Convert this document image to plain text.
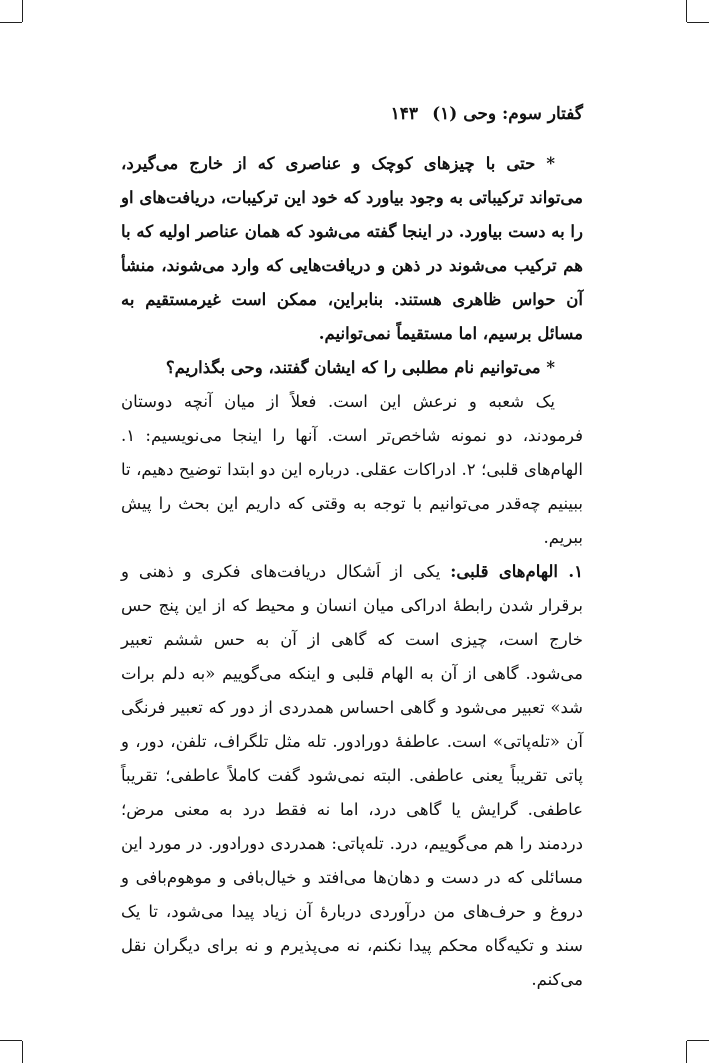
گفتار سوم: وحی (۱)۱۴۳

* حتی با چیزهای کوچک و عناصری که از خارج می‌گیرد، می‌تواند ترکیباتی به وجود بیاورد که خود این ترکیبات، دریافت‌های او را به دست بیاورد. در اینجا گفته می‌شود که همان عناصر اولیه که با هم ترکیب می‌شوند در ذهن و دریافت‌هایی که وارد می‌شوند، منشأ آن حواس ظاهری هستند. بنابراین، ممکن است غیرمستقیم به مسائل برسیم، اما مستقیماً نمی‌توانیم.

* می‌توانیم نام مطلبی را که ایشان گفتند، وحی بگذاریم؟

یک شعبه و نرعش این است. فعلاً از میان آنچه دوستان فرمودند، دو نمونه شاخص‌تر است. آنها را اینجا می‌نویسیم: ۱. الهام‌های قلبی؛ ۲. ادراکات عقلی. درباره این دو ابتدا توضیح دهیم، تا ببینیم چه‌قدر می‌توانیم با توجه به وقتی که داریم این بحث را پیش ببریم.

۱. الهام‌های قلبی: یکی از اَشکال دریافت‌های فکری و ذهنی و برقرار شدن رابطهٔ ادراکی میان انسان و محیط که از این پنج حس خارج است، چیزی است که گاهی از آن به حس ششم تعبیر می‌شود. گاهی از آن به الهام قلبی و اینکه می‌گوییم «به دلم برات شد» تعبیر می‌شود و گاهی احساس همدردی از دور که تعبیر فرنگی آن «تله‌پاتی» است. عاطفهٔ دورادور. تله مثل تلگراف، تلفن، دور، و پاتی تقریباً یعنی عاطفی. البته نمی‌شود گفت کاملاً عاطفی؛ تقریباً عاطفی. گرایش یا گاهی درد، اما نه فقط درد به معنی مرض؛ دردمند را هم می‌گوییم، درد. تله‌پاتی: همدردی دورادور. در مورد این مسائلی که در دست و دهان‌ها می‌افتد و خیال‌بافی و موهوم‌بافی و دروغ و حرف‌های من درآوردی دربارهٔ آن زیاد پیدا می‌شود، تا یک سند و تکیه‌گاه محکم پیدا نکنم، نه می‌پذیرم و نه برای دیگران نقل می‌کنم.
